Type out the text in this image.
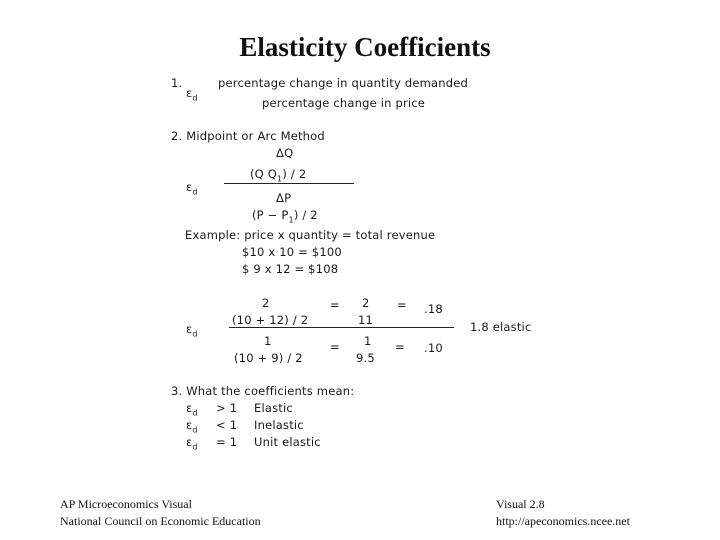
Elasticity Coefficients
1.
$\varepsilon_d$
percentage change in quantity demanded
percentage change in price
2. Midpoint or Arc Method
ΔQ
$\varepsilon_d$
(Q $Q_1) / 2$
ΔP
$(P - P_1) / 2$
Example: price x quantity = total revenue
$10 x 10 = $100
$ 9 x 12 = $108
2
(10 + 12) / 2
= 2
11
= .18
$\varepsilon_d$	1.8 elastic
1
(10 + 9) / 2
= 1
9.5
= .10
3. What the coefficients mean:
$\varepsilon_d > 1$ Elastic
$\varepsilon_d < 1$ Inelastic
$\varepsilon_d = 1$ Unit elastic
AP Microeconomics Visual
National Council on Economic Education
Visual 2.8
http://apeconomics.ncee.net
